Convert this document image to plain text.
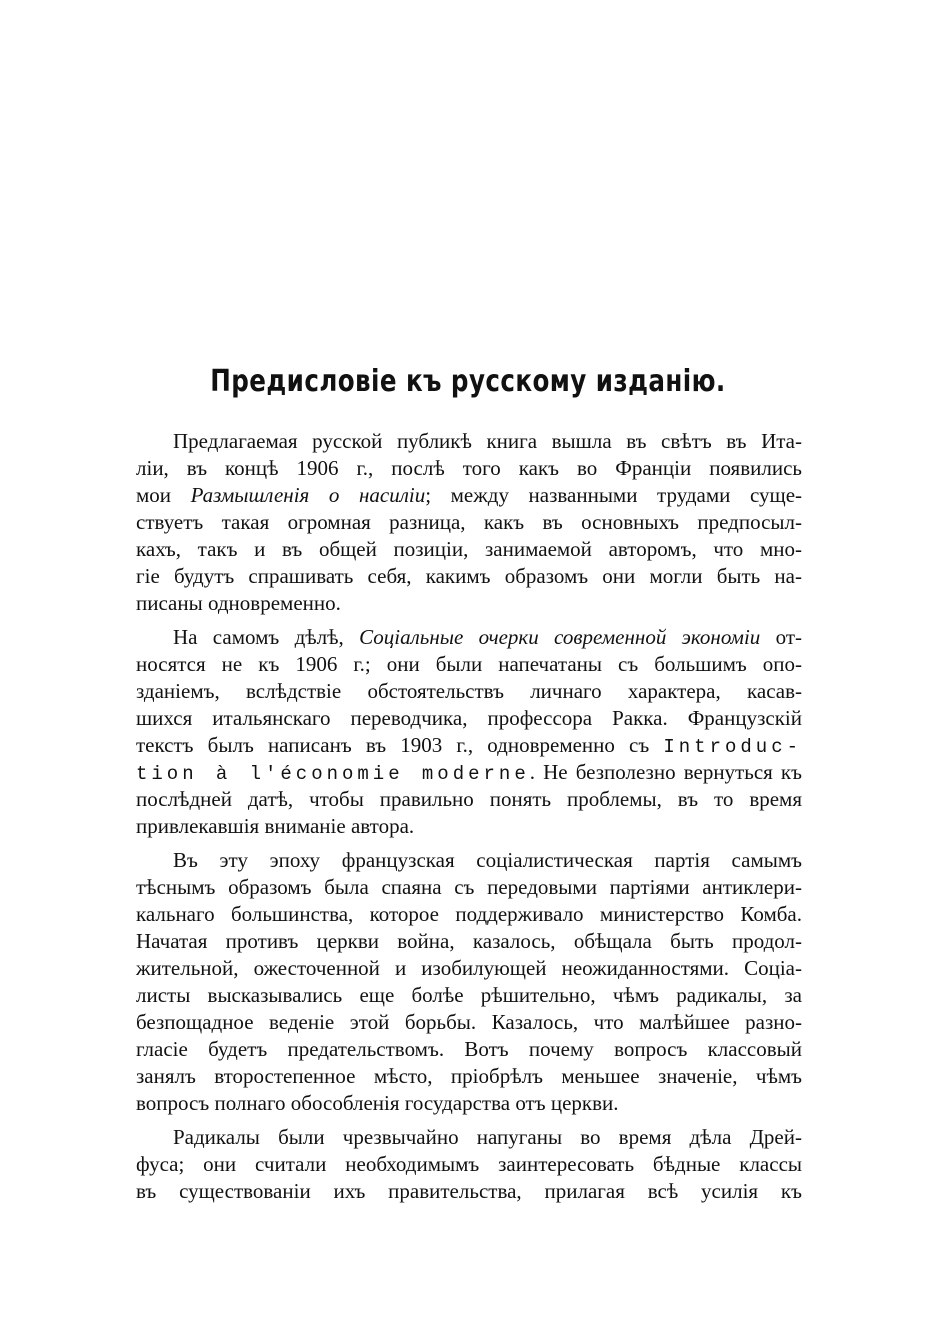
Предисловіе къ русскому изданію.
Предлагаемая русской публикѣ книга вышла въ свѣтъ въ Ита-
ліи, въ концѣ 1906 г., послѣ того какъ во Франціи появились
мои Размышленія о насиліи; между названными трудами суще-
ствуетъ такая огромная разница, какъ въ основныхъ предпосыл-
кахъ, такъ и въ общей позиціи, занимаемой авторомъ, что мно-
гіе будутъ спрашивать себя, какимъ образомъ они могли быть на-
писаны одновременно.
На самомъ дѣлѣ, Соціальные очерки современной экономіи от-
носятся не къ 1906 г.; они были напечатаны съ большимъ опо-
зданіемъ, вслѣдствіе обстоятельствъ личнаго характера, касав-
шихся итальянскаго переводчика, профессора Ракка. Французскій
текстъ былъ написанъ въ 1903 г., одновременно съ Introduc-
tion à l'économie moderne. Не безполезно вернуться къ
послѣдней датѣ, чтобы правильно понять проблемы, въ то время
привлекавшія вниманіе автора.
Въ эту эпоху французская соціалистическая партія самымъ
тѣснымъ образомъ была спаяна съ передовыми партіями антиклери-
кальнаго большинства, которое поддерживало министерство Комба.
Начатая противъ церкви война, казалось, обѣщала быть продол-
жительной, ожесточенной и изобилующей неожиданностями. Соціа-
листы высказывались еще болѣе рѣшительно, чѣмъ радикалы, за
безпощадное веденіе этой борьбы. Казалось, что малѣйшее разно-
гласіе будетъ предательствомъ. Вотъ почему вопросъ классовый
занялъ второстепенное мѣсто, пріобрѣлъ меньшее значеніе, чѣмъ
вопросъ полнаго обособленія государства отъ церкви.
Радикалы были чрезвычайно напуганы во время дѣла Дрей-
фуса; они считали необходимымъ заинтересовать бѣдные классы
въ существованіи ихъ правительства, прилагая всѣ усилія къ
